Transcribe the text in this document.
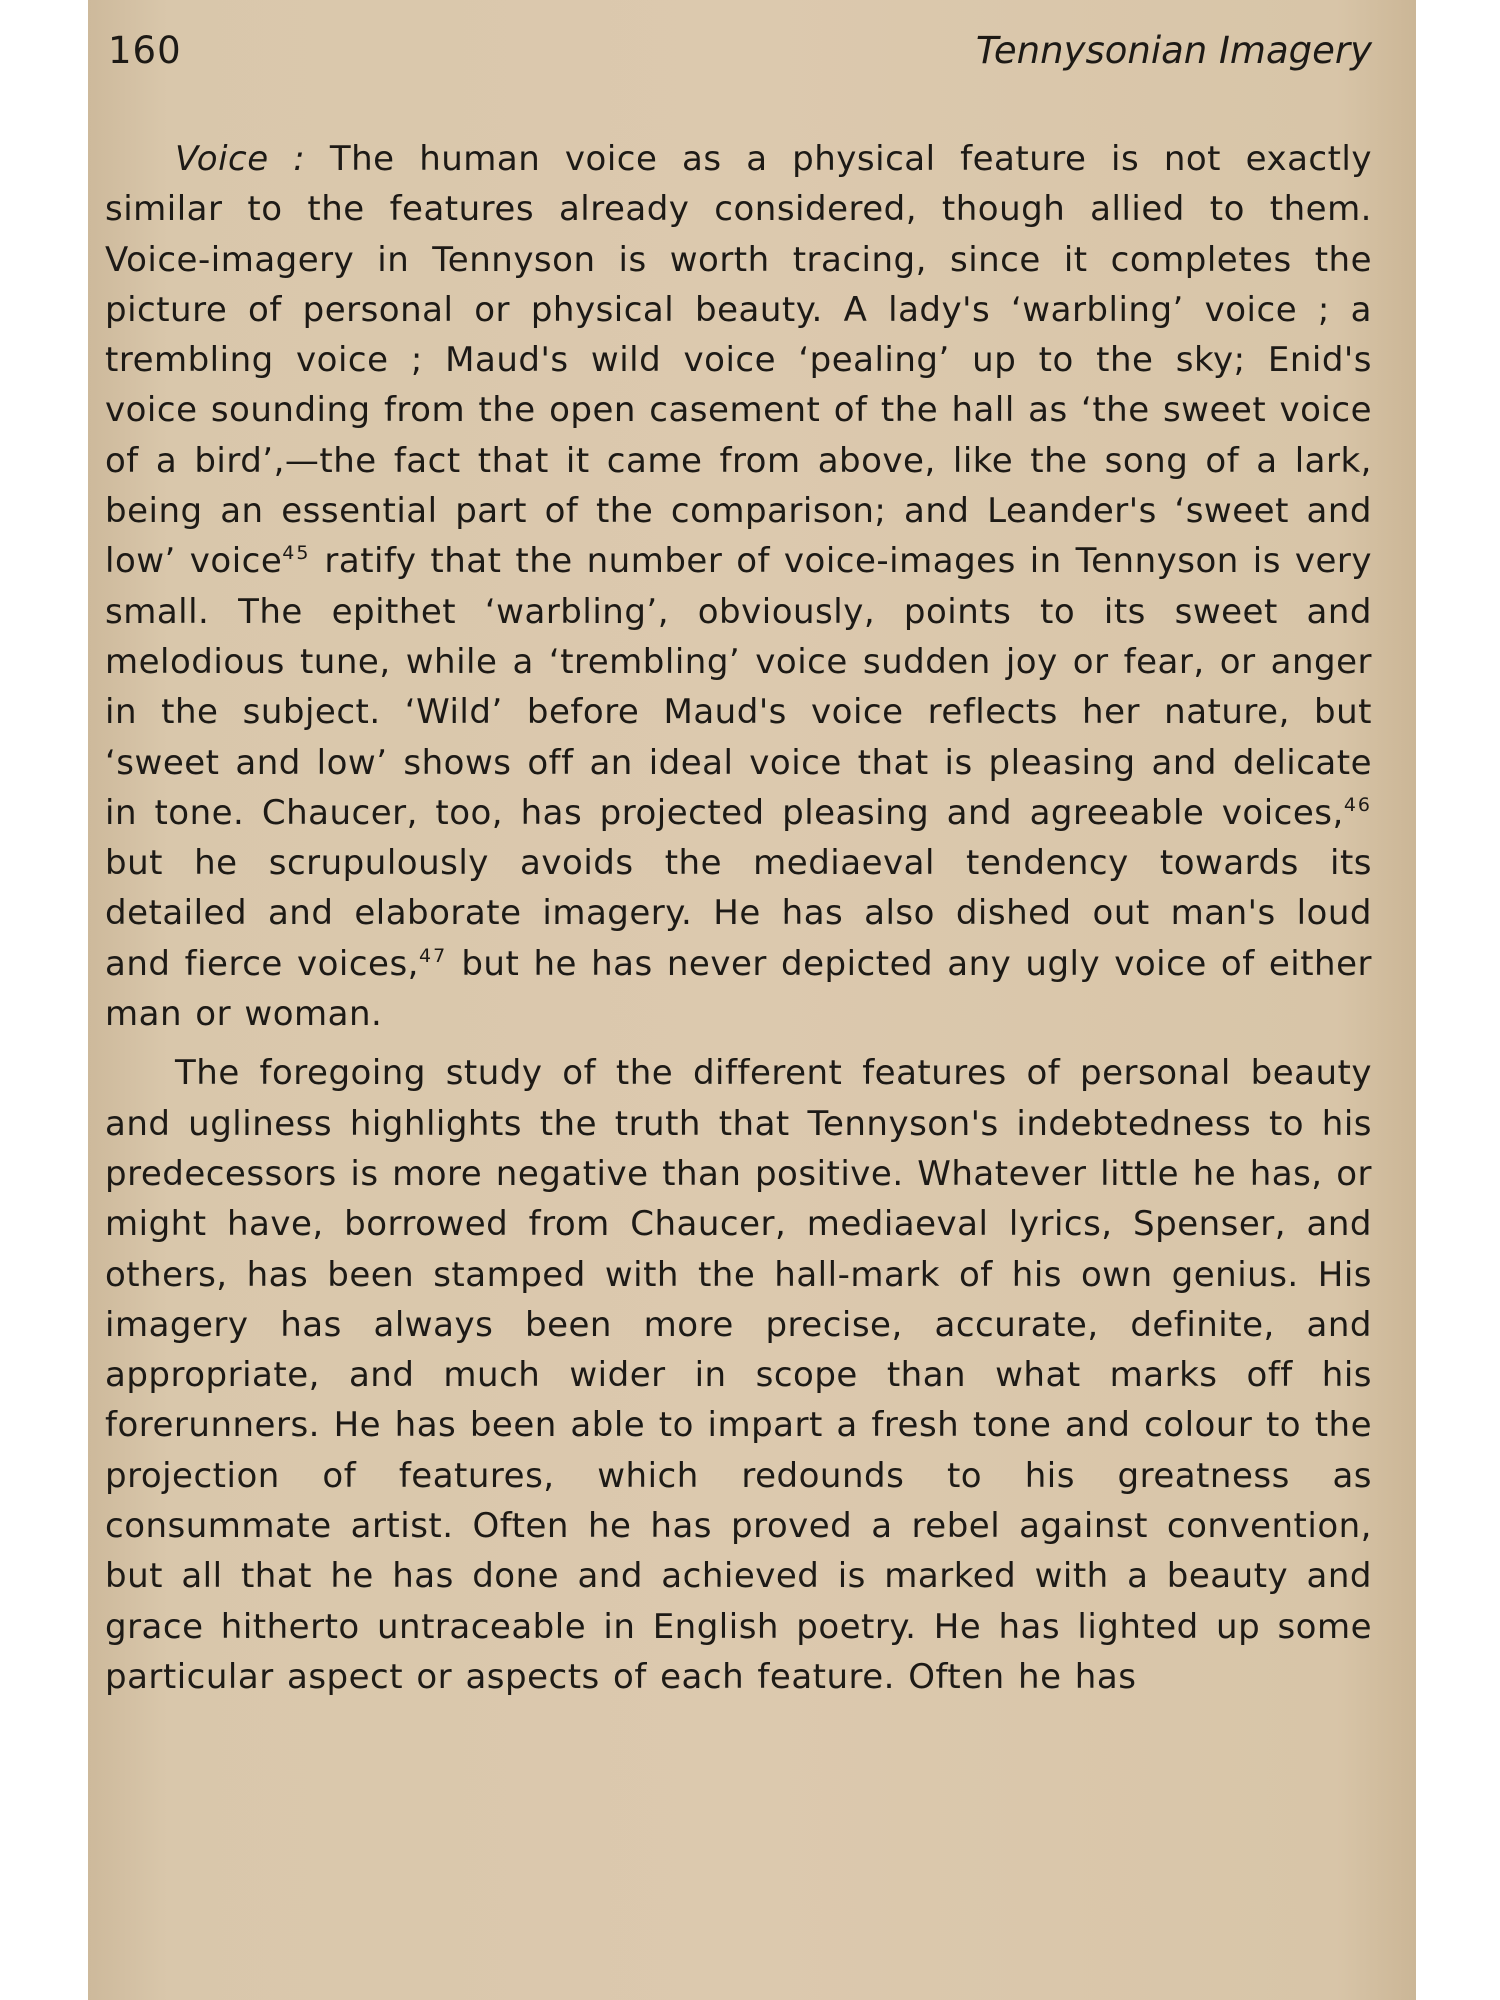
160	Tennysonian Imagery

Voice : The human voice as a physical feature is not exactly similar to the features already considered, though allied to them. Voice-imagery in Tennyson is worth tracing, since it completes the picture of personal or physical beauty. A lady's ‘warbling’ voice ; a trembling voice ; Maud's wild voice ‘pealing’ up to the sky; Enid's voice sounding from the open casement of the hall as ‘the sweet voice of a bird’,—the fact that it came from above, like the song of a lark, being an essential part of the comparison; and Leander's ‘sweet and low’ voice$^{45}$ ratify that the number of voice-images in Tennyson is very small. The epithet ‘warbling’, obviously, points to its sweet and melodious tune, while a ‘trembling’ voice sudden joy or fear, or anger in the subject. ‘Wild’ before Maud's voice reflects her nature, but ‘sweet and low’ shows off an ideal voice that is pleasing and delicate in tone. Chaucer, too, has projected pleasing and agreeable voices,$^{46}$ but he scrupulously avoids the mediaeval tendency towards its detailed and elaborate imagery. He has also dished out man's loud and fierce voices,$^{47}$ but he has never depicted any ugly voice of either man or woman.

The foregoing study of the different features of personal beauty and ugliness highlights the truth that Tennyson's indebtedness to his predecessors is more negative than positive. Whatever little he has, or might have, borrowed from Chaucer, mediaeval lyrics, Spenser, and others, has been stamped with the hall-mark of his own genius. His imagery has always been more precise, accurate, definite, and appropriate, and much wider in scope than what marks off his forerunners. He has been able to impart a fresh tone and colour to the projection of features, which redounds to his greatness as consummate artist. Often he has proved a rebel against convention, but all that he has done and achieved is marked with a beauty and grace hitherto untraceable in English poetry. He has lighted up some particular aspect or aspects of each feature. Often he has
